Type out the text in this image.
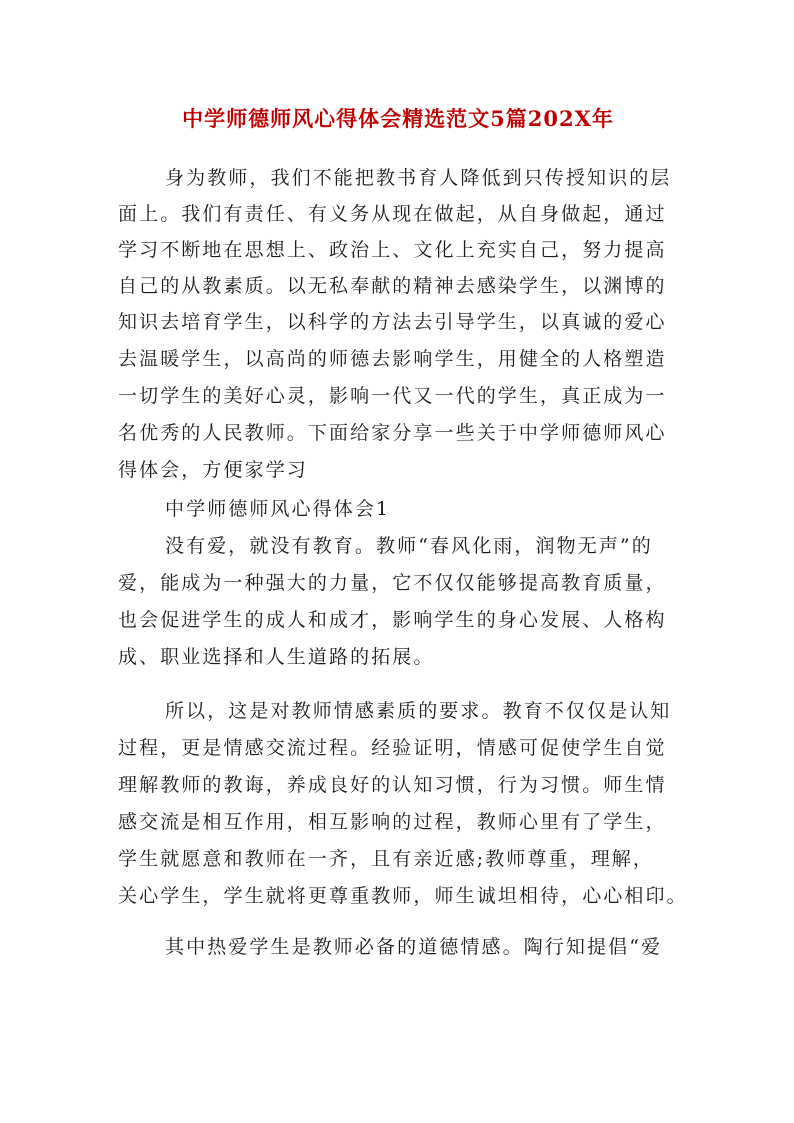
中学师德师风心得体会精选范文5篇202X年
身为教师，我们不能把教书育人降低到只传授知识的层
面上。我们有责任、有义务从现在做起，从自身做起，通过
学习不断地在思想上、政治上、文化上充实自己，努力提高
自己的从教素质。以无私奉献的精神去感染学生，以渊博的
知识去培育学生，以科学的方法去引导学生，以真诚的爱心
去温暖学生，以高尚的师德去影响学生，用健全的人格塑造
一切学生的美好心灵，影响一代又一代的学生，真正成为一
名优秀的人民教师。下面给家分享一些关于中学师德师风心
得体会，方便家学习
中学师德师风心得体会1
没有爱，就没有教育。教师“春风化雨，润物无声”的
爱，能成为一种强大的力量，它不仅仅能够提高教育质量，
也会促进学生的成人和成才，影响学生的身心发展、人格构
成、职业选择和人生道路的拓展。
所以，这是对教师情感素质的要求。教育不仅仅是认知
过程，更是情感交流过程。经验证明，情感可促使学生自觉
理解教师的教诲，养成良好的认知习惯，行为习惯。师生情
感交流是相互作用，相互影响的过程，教师心里有了学生，
学生就愿意和教师在一齐，且有亲近感;教师尊重，理解，
关心学生，学生就将更尊重教师，师生诚坦相待，心心相印。
其中热爱学生是教师必备的道德情感。陶行知提倡“爱
